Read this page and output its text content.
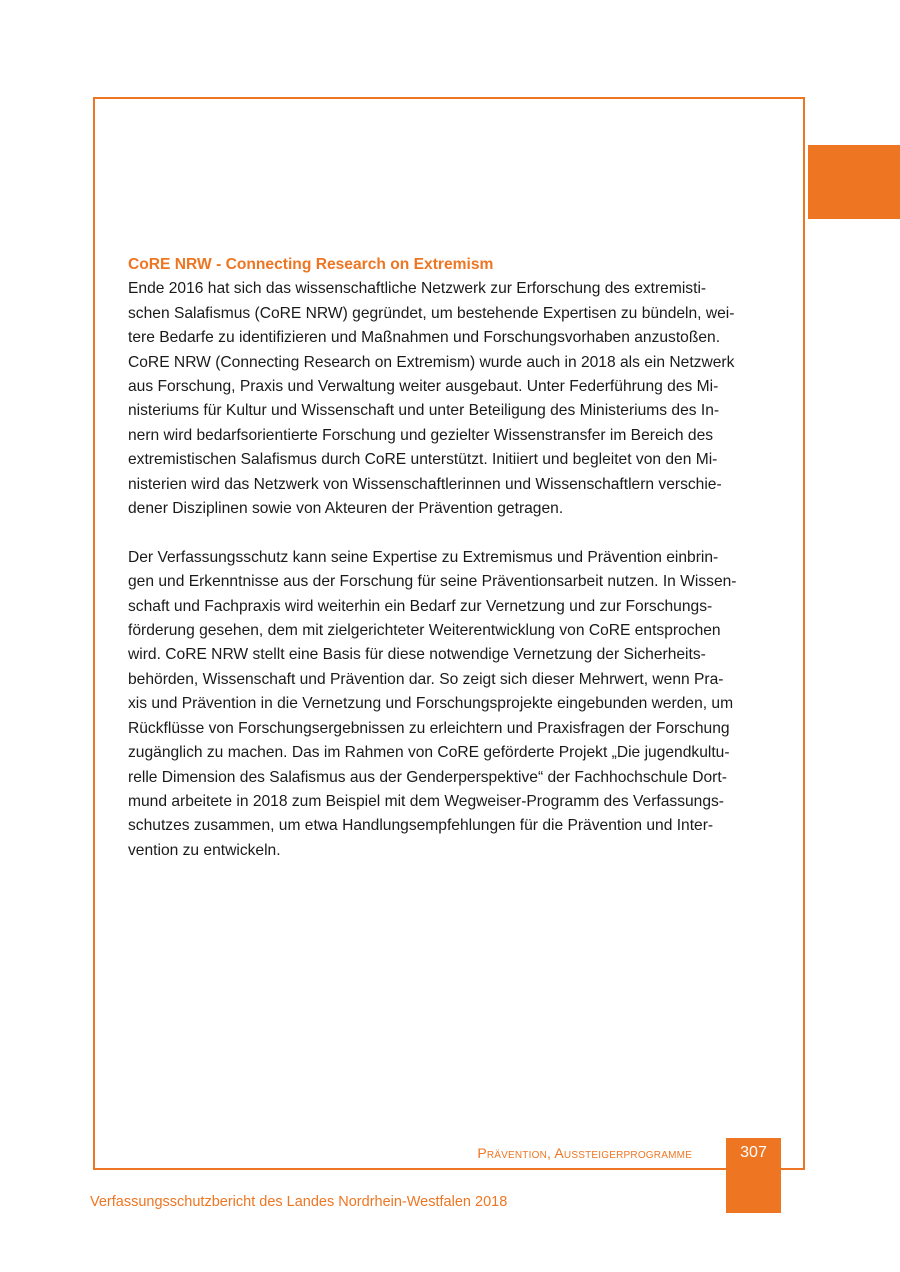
CoRE NRW - Connecting Research on Extremism

Ende 2016 hat sich das wissenschaftliche Netzwerk zur Erforschung des extremisti-
schen Salafismus (CoRE NRW) gegründet, um bestehende Expertisen zu bündeln, wei-
tere Bedarfe zu identifizieren und Maßnahmen und Forschungsvorhaben anzustoßen.
CoRE NRW (Connecting Research on Extremism) wurde auch in 2018 als ein Netzwerk
aus Forschung, Praxis und Verwaltung weiter ausgebaut. Unter Federführung des Mi-
nisteriums für Kultur und Wissenschaft und unter Beteiligung des Ministeriums des In-
nern wird bedarfsorientierte Forschung und gezielter Wissenstransfer im Bereich des
extremistischen Salafismus durch CoRE unterstützt. Initiiert und begleitet von den Mi-
nisterien wird das Netzwerk von Wissenschaftlerinnen und Wissenschaftlern verschie-
dener Disziplinen sowie von Akteuren der Prävention getragen.

Der Verfassungsschutz kann seine Expertise zu Extremismus und Prävention einbrin-
gen und Erkenntnisse aus der Forschung für seine Präventionsarbeit nutzen. In Wissen-
schaft und Fachpraxis wird weiterhin ein Bedarf zur Vernetzung und zur Forschungs-
förderung gesehen, dem mit zielgerichteter Weiterentwicklung von CoRE entsprochen
wird. CoRE NRW stellt eine Basis für diese notwendige Vernetzung der Sicherheits-
behörden, Wissenschaft und Prävention dar. So zeigt sich dieser Mehrwert, wenn Pra-
xis und Prävention in die Vernetzung und Forschungsprojekte eingebunden werden, um
Rückflüsse von Forschungsergebnissen zu erleichtern und Praxisfragen der Forschung
zugänglich zu machen. Das im Rahmen von CoRE geförderte Projekt „Die jugendkultu-
relle Dimension des Salafismus aus der Genderperspektive“ der Fachhochschule Dort-
mund arbeitete in 2018 zum Beispiel mit dem Wegweiser-Programm des Verfassungs-
schutzes zusammen, um etwa Handlungsempfehlungen für die Prävention und Inter-
vention zu entwickeln.

Prävention, Aussteigerprogramme	307
Verfassungsschutzbericht des Landes Nordrhein-Westfalen 2018
